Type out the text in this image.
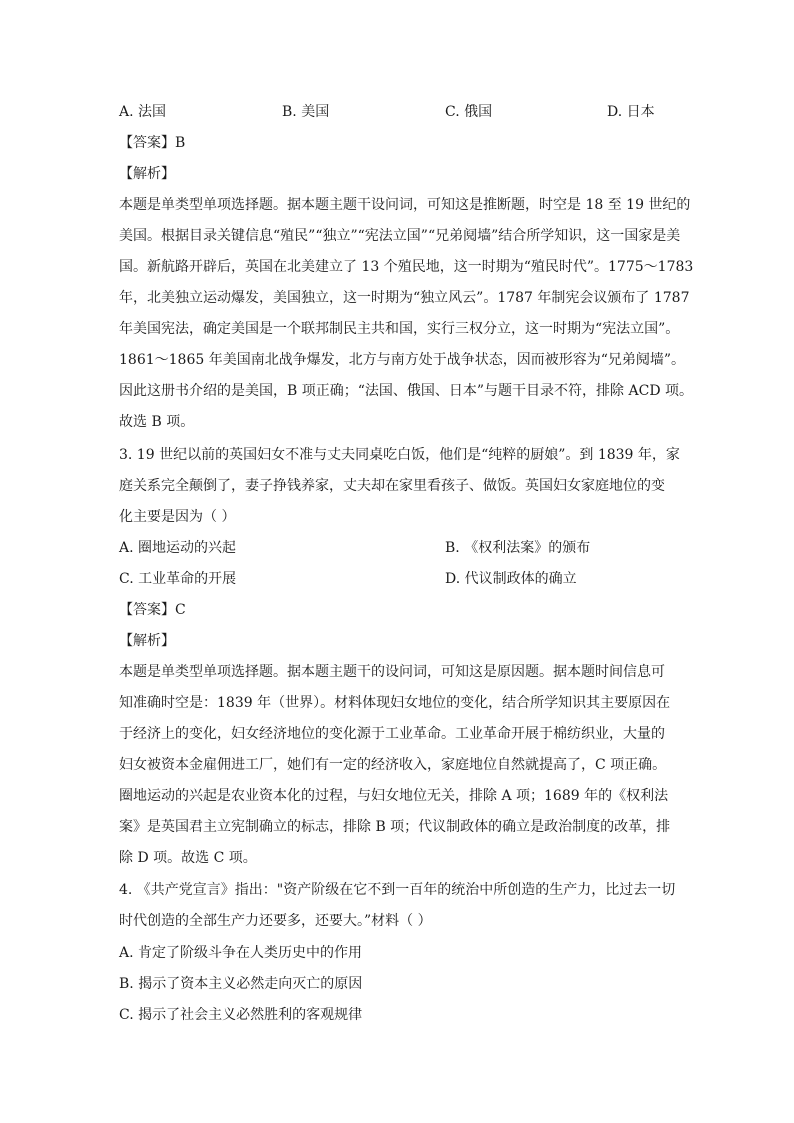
A. 法国	B. 美国	C. 俄国	D. 日本
【答案】B
【解析】
本题是单类型单项选择题。据本题主题干设问词，可知这是推断题，时空是 18 至 19 世纪的
美国。根据目录关键信息“殖民”“独立”“宪法立国”“兄弟阋墙”结合所学知识，这一国家是美
国。新航路开辟后，英国在北美建立了 13 个殖民地，这一时期为“殖民时代”。1775～1783
年，北美独立运动爆发，美国独立，这一时期为“独立风云”。1787 年制宪会议颁布了 1787
年美国宪法，确定美国是一个联邦制民主共和国，实行三权分立，这一时期为“宪法立国”。
1861～1865 年美国南北战争爆发，北方与南方处于战争状态，因而被形容为“兄弟阋墙”。
因此这册书介绍的是美国，B 项正确；“法国、俄国、日本”与题干目录不符，排除 ACD 项。
故选 B 项。
3. 19 世纪以前的英国妇女不准与丈夫同桌吃白饭，他们是“纯粹的厨娘”。到 1839 年，家
庭关系完全颠倒了，妻子挣钱养家，丈夫却在家里看孩子、做饭。英国妇女家庭地位的变
化主要是因为（ ）
A. 圈地运动的兴起	B. 《权利法案》的颁布
C. 工业革命的开展	D. 代议制政体的确立
【答案】C
【解析】
本题是单类型单项选择题。据本题主题干的设问词，可知这是原因题。据本题时间信息可
知准确时空是：1839 年（世界）。材料体现妇女地位的变化，结合所学知识其主要原因在
于经济上的变化，妇女经济地位的变化源于工业革命。工业革命开展于棉纺织业，大量的
妇女被资本金雇佣进工厂，她们有一定的经济收入，家庭地位自然就提高了，C 项正确。
圈地运动的兴起是农业资本化的过程，与妇女地位无关，排除 A 项；1689 年的《权利法
案》是英国君主立宪制确立的标志，排除 B 项；代议制政体的确立是政治制度的改革，排
除 D 项。故选 C 项。
4. 《共产党宣言》指出："资产阶级在它不到一百年的统治中所创造的生产力，比过去一切
时代创造的全部生产力还要多，还要大。”材料（ ）
A. 肯定了阶级斗争在人类历史中的作用
B. 揭示了资本主义必然走向灭亡的原因
C. 揭示了社会主义必然胜利的客观规律
